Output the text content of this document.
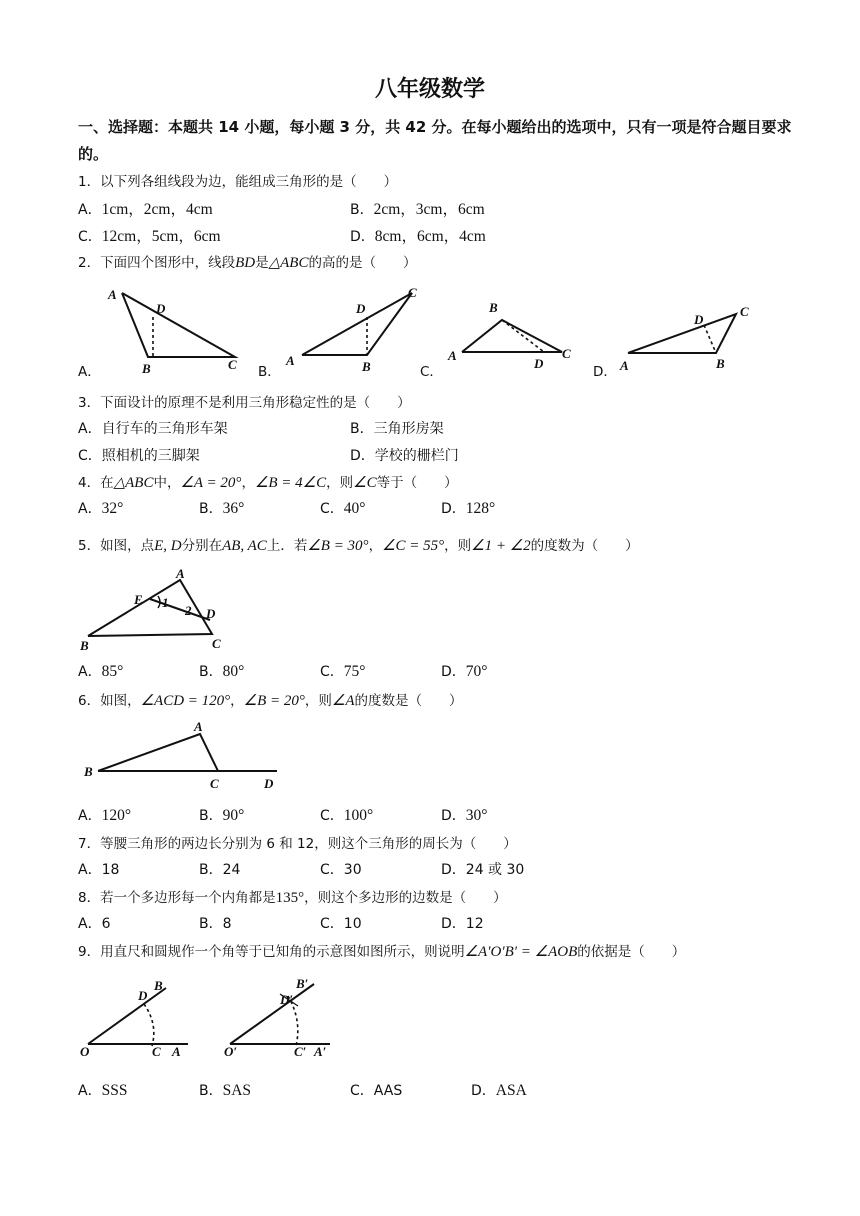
八年级数学
一、选择题：本题共 14 小题，每小题 3 分，共 42 分。在每小题给出的选项中，只有一项是符合题目要求的。
1．以下列各组线段为边，能组成三角形的是（　　）
A．1cm，2cm，4cm	B．2cm，3cm，6cm
C．12cm，5cm，6cm	D．8cm，6cm，4cm
2．下面四个图形中，线段BD是△ABC的高的是（　　）
A
D
B	C
A．
A
D
B
C
B．
A
B
D
C
C．	A
D
C
B
D．
3．下面设计的原理不是利用三角形稳定性的是（　　）
A．自行车的三角形车架	B．三角形房架
C．照相机的三脚架	D．学校的栅栏门
4．在△ABC中，∠A = 20°，∠B = 4∠C，则∠C等于（　　）
A．32°	B．36°	C．40°	D．128°
5．如图，点E, D分别在AB, AC上．若∠B = 30°，∠C = 55°，则∠1 + ∠2的度数为（　　）
B
A
E 1
2 D
C
A．85°	B．80°	C．75°	D．70°
6．如图，∠ACD = 120°，∠B = 20°，则∠A的度数是（　　）
B
A
C	D
A．120°	B．90°	C．100°	D．30°
7．等腰三角形的两边长分别为 6 和 12，则这个三角形的周长为（　　）
A．18	B．24	C．30	D．24 或 30
8．若一个多边形每一个内角都是135°，则这个多边形的边数是（　　）
A．6	B．8	C．10	D．12
9．用直尺和圆规作一个角等于已知角的示意图如图所示，则说明∠A′O′B′ = ∠AOB的依据是（　　）
O
D
B
C A	O′
D′
B′
C′ A′
A．SSS	B．SAS	C．AAS	D．ASA
